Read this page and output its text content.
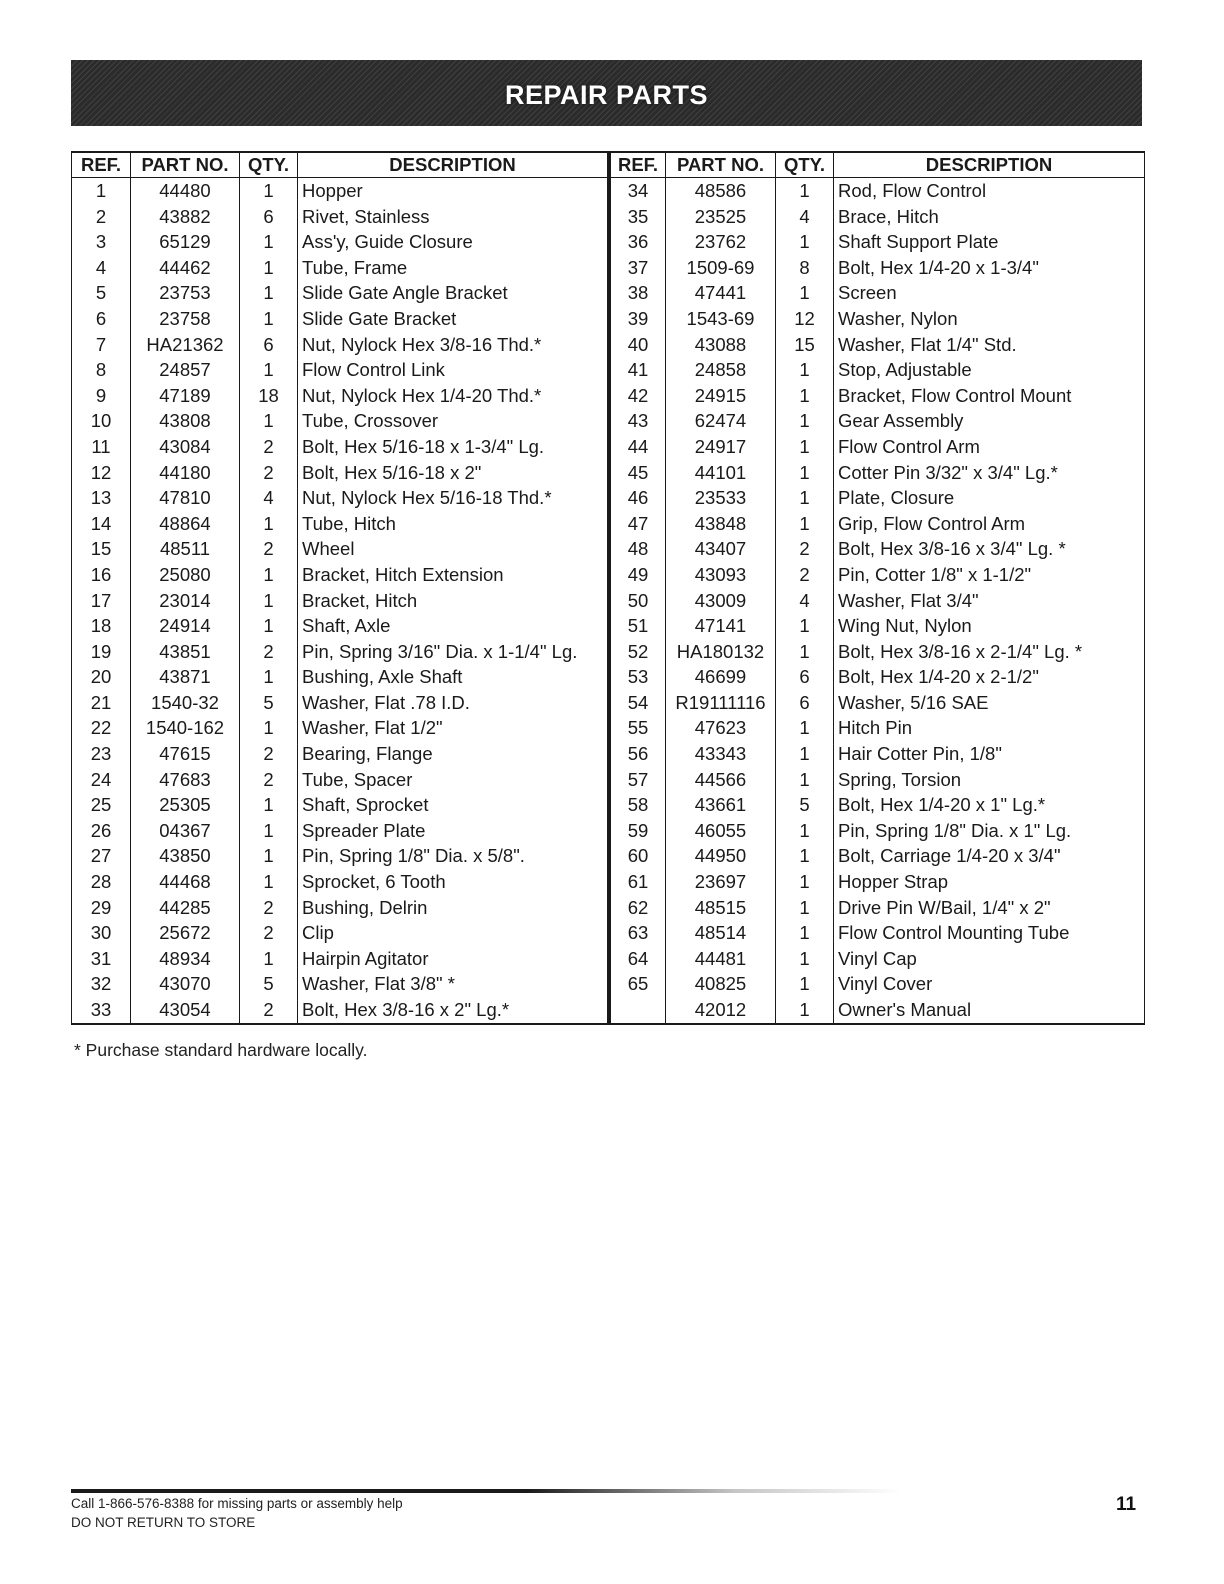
REPAIR PARTS
REF.	PART NO.	QTY.	DESCRIPTION
1	44480	1	Hopper
2	43882	6	Rivet, Stainless
3	65129	1	Ass'y, Guide Closure
4	44462	1	Tube, Frame
5	23753	1	Slide Gate Angle Bracket
6	23758	1	Slide Gate Bracket
7	HA21362	6	Nut, Nylock Hex 3/8-16 Thd.*
8	24857	1	Flow Control Link
9	47189	18	Nut, Nylock Hex 1/4-20 Thd.*
10	43808	1	Tube, Crossover
11	43084	2	Bolt, Hex 5/16-18 x 1-3/4" Lg.
12	44180	2	Bolt, Hex 5/16-18 x 2"
13	47810	4	Nut, Nylock Hex 5/16-18 Thd.*
14	48864	1	Tube, Hitch
15	48511	2	Wheel
16	25080	1	Bracket, Hitch Extension
17	23014	1	Bracket, Hitch
18	24914	1	Shaft, Axle
19	43851	2	Pin, Spring 3/16" Dia. x 1-1/4" Lg.
20	43871	1	Bushing, Axle Shaft
21	1540-32	5	Washer, Flat .78 I.D.
22	1540-162	1	Washer, Flat 1/2"
23	47615	2	Bearing, Flange
24	47683	2	Tube, Spacer
25	25305	1	Shaft, Sprocket
26	04367	1	Spreader Plate
27	43850	1	Pin, Spring 1/8" Dia. x 5/8".
28	44468	1	Sprocket, 6 Tooth
29	44285	2	Bushing, Delrin
30	25672	2	Clip
31	48934	1	Hairpin Agitator
32	43070	5	Washer, Flat 3/8" *
33	43054	2	Bolt, Hex 3/8-16 x 2" Lg.*
REF.	PART NO.	QTY.	DESCRIPTION
34	48586	1	Rod, Flow Control
35	23525	4	Brace, Hitch
36	23762	1	Shaft Support Plate
37	1509-69	8	Bolt, Hex 1/4-20 x 1-3/4"
38	47441	1	Screen
39	1543-69	12	Washer, Nylon
40	43088	15	Washer, Flat 1/4" Std.
41	24858	1	Stop, Adjustable
42	24915	1	Bracket, Flow Control Mount
43	62474	1	Gear Assembly
44	24917	1	Flow Control Arm
45	44101	1	Cotter Pin 3/32" x 3/4" Lg.*
46	23533	1	Plate, Closure
47	43848	1	Grip, Flow Control Arm
48	43407	2	Bolt, Hex 3/8-16 x 3/4" Lg. *
49	43093	2	Pin, Cotter 1/8" x 1-1/2"
50	43009	4	Washer, Flat 3/4"
51	47141	1	Wing Nut, Nylon
52	HA180132	1	Bolt, Hex 3/8-16 x 2-1/4" Lg. *
53	46699	6	Bolt, Hex 1/4-20 x 2-1/2"
54	R19111116	6	Washer, 5/16 SAE
55	47623	1	Hitch Pin
56	43343	1	Hair Cotter Pin, 1/8"
57	44566	1	Spring, Torsion
58	43661	5	Bolt, Hex 1/4-20 x 1" Lg.*
59	46055	1	Pin, Spring 1/8" Dia. x 1" Lg.
60	44950	1	Bolt, Carriage 1/4-20 x 3/4"
61	23697	1	Hopper Strap
62	48515	1	Drive Pin W/Bail, 1/4" x 2"
63	48514	1	Flow Control Mounting Tube
64	44481	1	Vinyl Cap
65	40825	1	Vinyl Cover
	42012	1	Owner's Manual
* Purchase standard hardware locally.
Call 1-866-576-8388 for missing parts or assembly help
DO NOT RETURN TO STORE
11
